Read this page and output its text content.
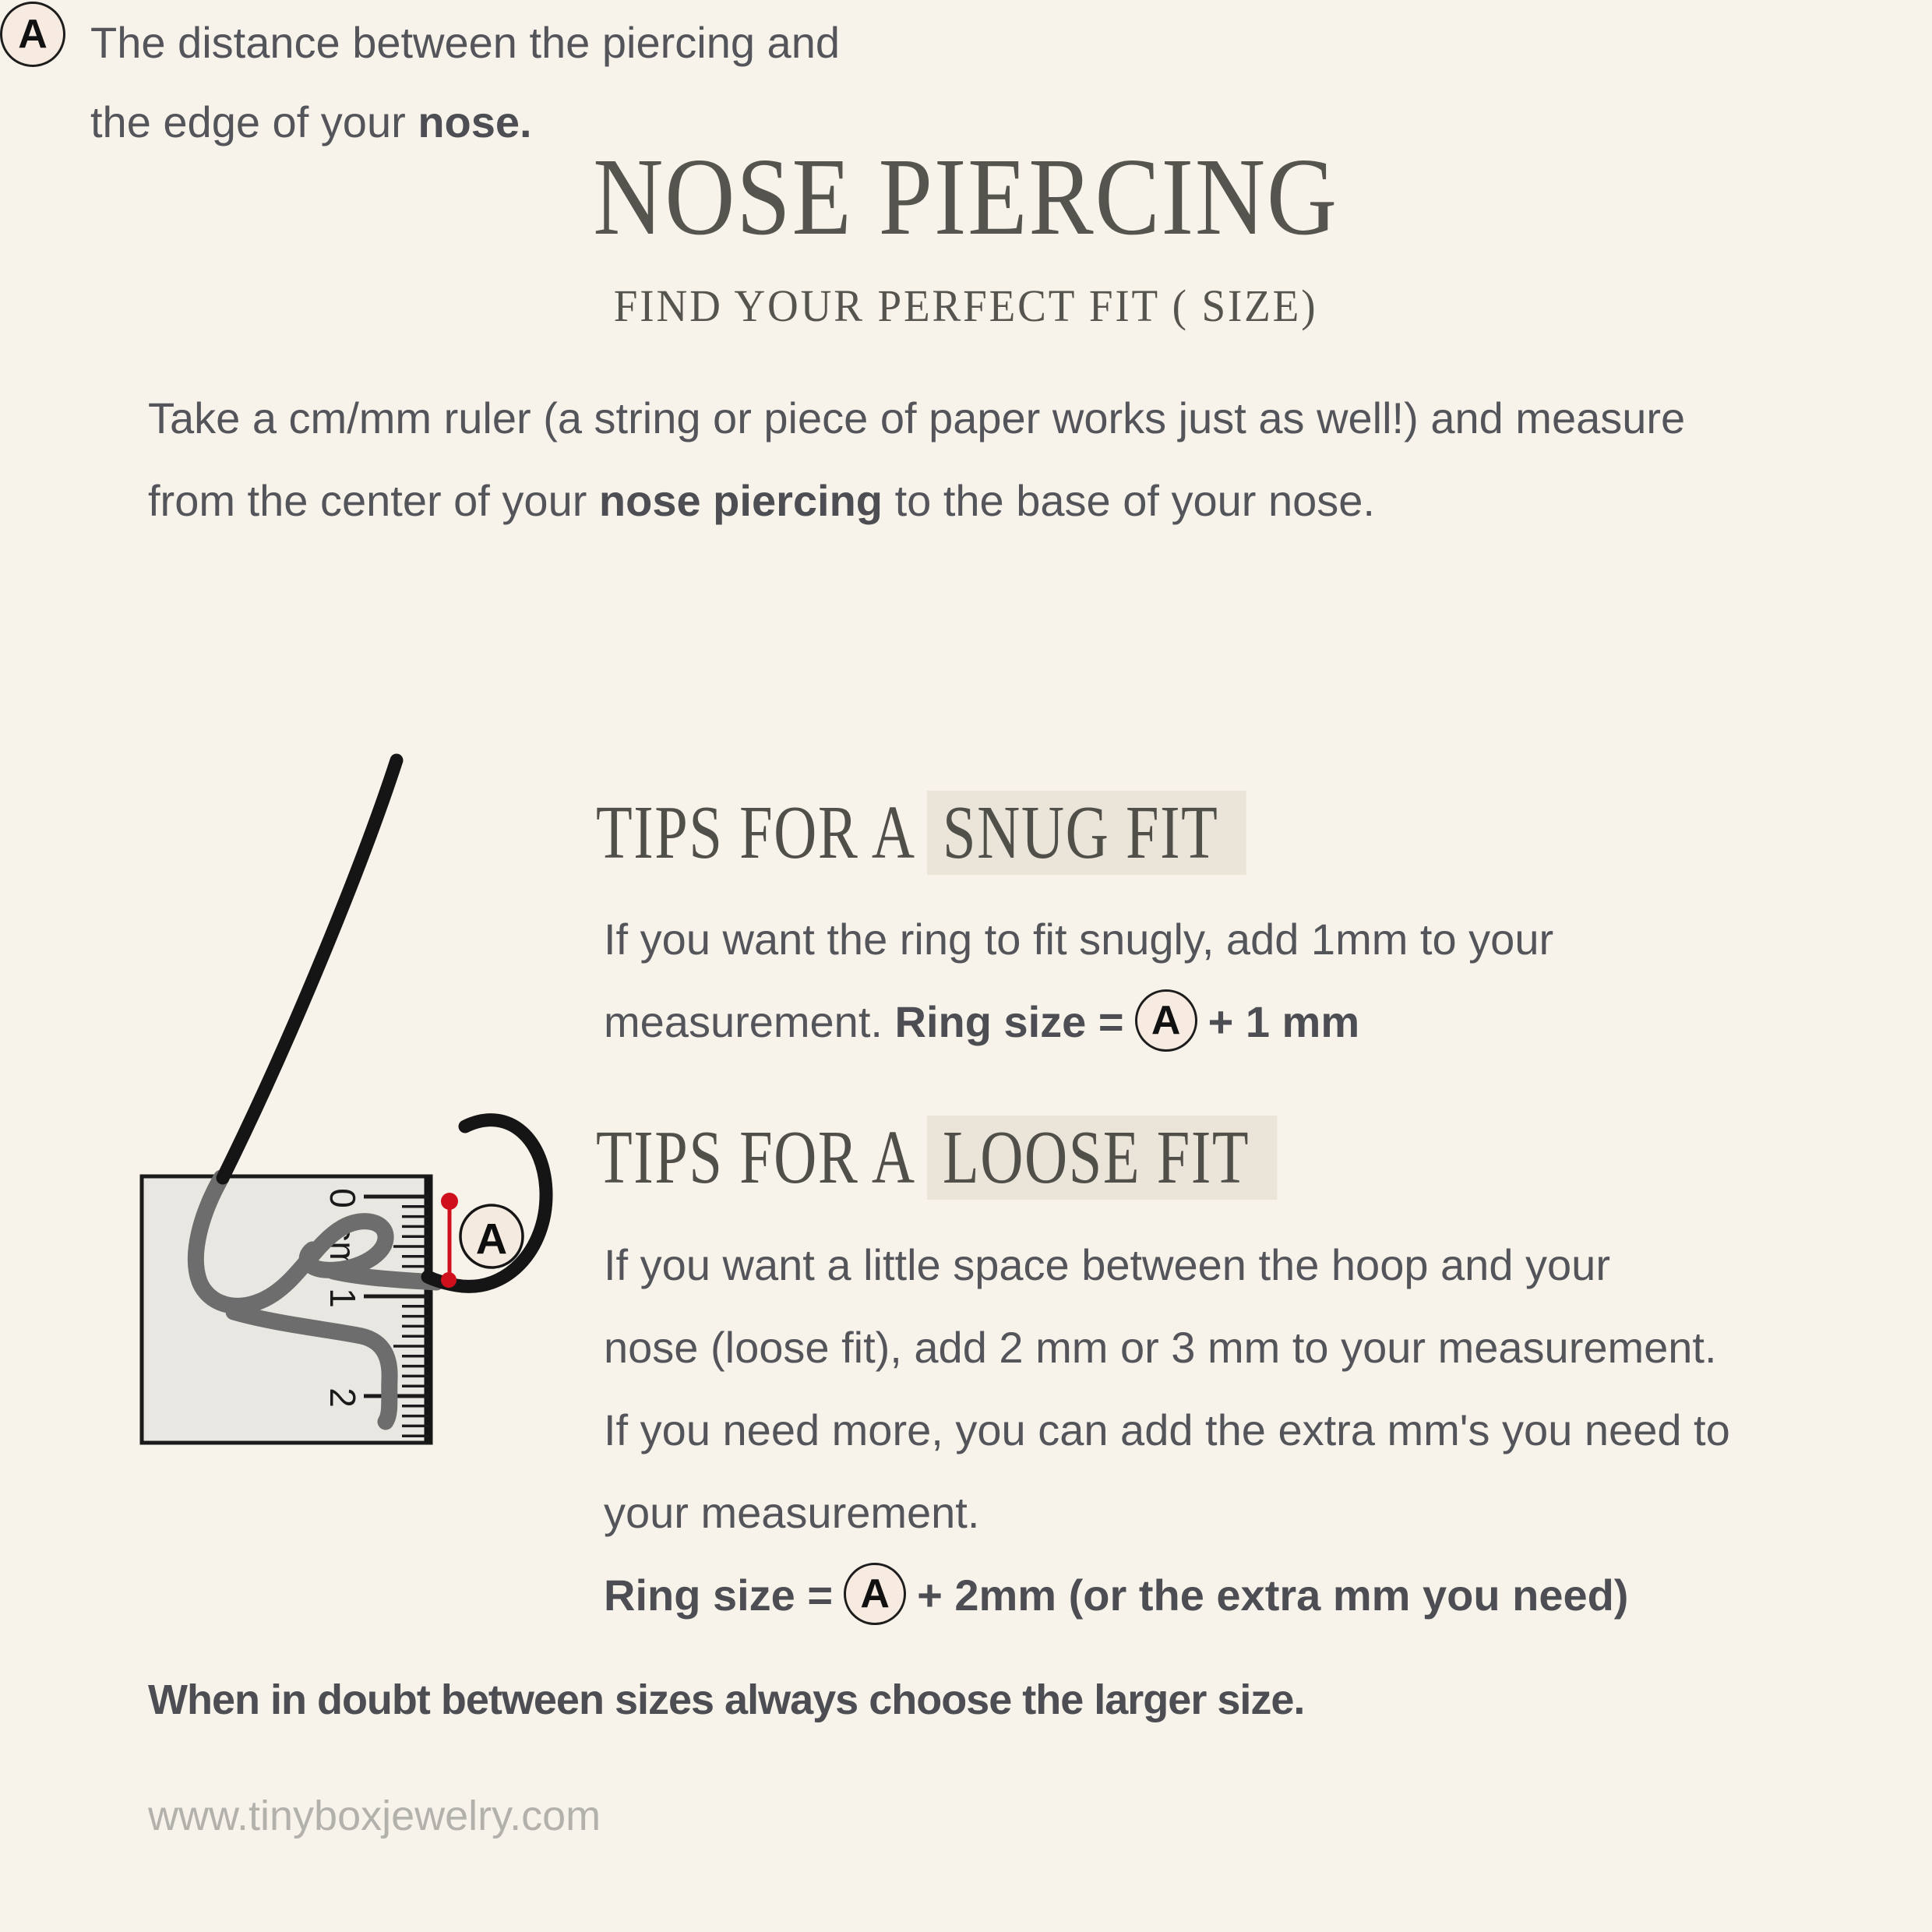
NOSE PIERCING
FIND YOUR PERFECT FIT ( SIZE)
Take a cm/mm ruler (a string or piece of paper works just as well!) and measure
from the center of your nose piercing to the base of your nose.
A The distance between the piercing and
the edge of your nose.
TIPS FOR A SNUG FIT
If you want the ring to fit snugly, add 1mm to your
measurement. Ring size = A + 1 mm
TIPS FOR A LOOSE FIT
If you want a little space between the hoop and your
nose (loose fit), add 2 mm or 3 mm to your measurement.
If you need more, you can add the extra mm's you need to
your measurement.
Ring size = A + 2mm (or the extra mm you need)
When in doubt between sizes always choose the larger size.
www.tinyboxjewelry.com
0
cm
1
2
A
